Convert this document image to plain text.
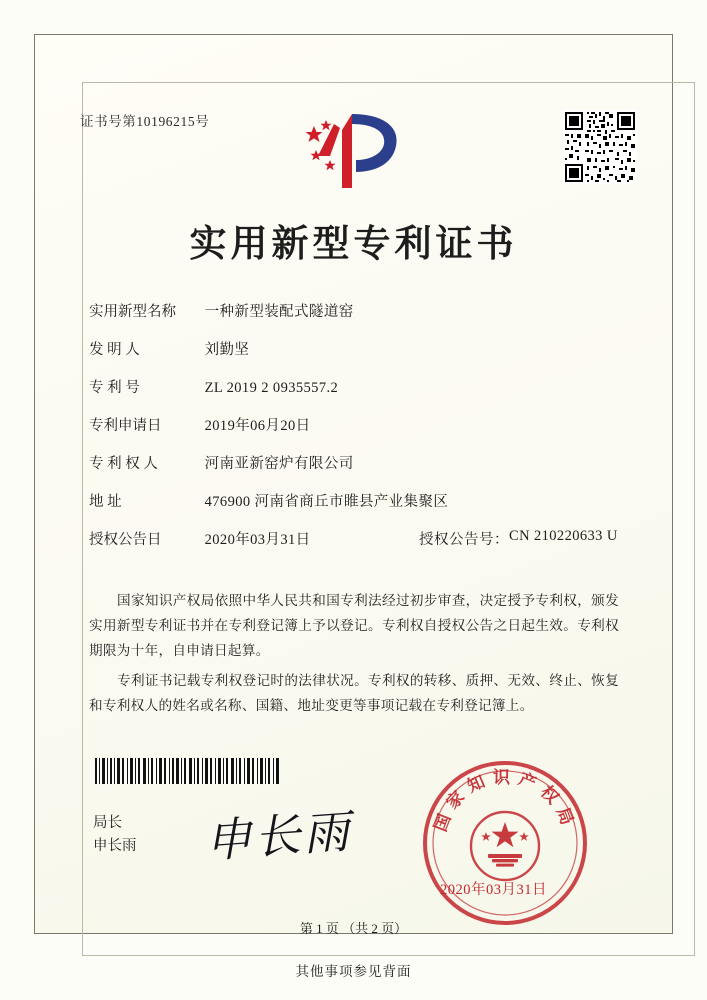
证书号第10196215号
实用新型专利证书
实用新型名称 一种新型装配式隧道窑
发 明 人	刘勤坚
专 利 号	ZL 2019 2 0935557.2
专利申请日	2019年06月20日
专 利 权 人	河南亚新窑炉有限公司
地 址	476900 河南省商丘市睢县产业集聚区
授权公告日	2020年03月31日	授权公告号： CN 210220633 U
国家知识产权局依照中华人民共和国专利法经过初步审查，决定授予专利权，颁发实用新型专利证书并在专利登记簿上予以登记。专利权自授权公告之日起生效。专利权期限为十年，自申请日起算。
专利证书记载专利权登记时的法律状况。专利权的转移、质押、无效、终止、恢复和专利权人的姓名或名称、国籍、地址变更等事项记载在专利登记簿上。
局长
申长雨 申长雨	国家知识产权局
2020年03月31日
第 1 页 （共 2 页）
其他事项参见背面
